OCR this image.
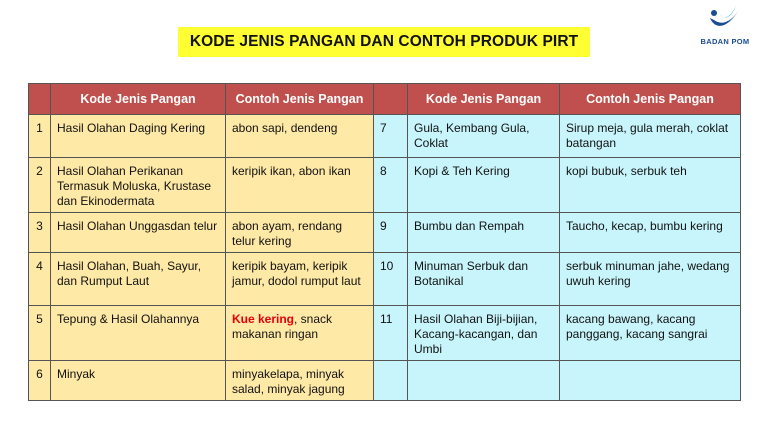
KODE JENIS PANGAN DAN CONTOH PRODUK PIRT	BADAN POM
	Kode Jenis Pangan	Contoh Jenis Pangan		Kode Jenis Pangan	Contoh Jenis Pangan
1	Hasil Olahan Daging Kering	abon sapi, dendeng	7	Gula, Kembang Gula, Coklat	Sirup meja, gula merah, coklat batangan
2	Hasil Olahan Perikanan Termasuk Moluska, Krustase dan Ekinodermata	keripik ikan, abon ikan	8	Kopi & Teh Kering	kopi bubuk, serbuk teh
3	Hasil Olahan Unggasdan telur	abon ayam, rendang telur kering	9	Bumbu dan Rempah	Taucho, kecap, bumbu kering
4	Hasil Olahan, Buah, Sayur, dan Rumput Laut	keripik bayam, keripik jamur, dodol rumput laut	10	Minuman Serbuk dan Botanikal	serbuk minuman jahe, wedang uwuh kering
5	Tepung & Hasil Olahannya	Kue kering, snack makanan ringan	11	Hasil Olahan Biji-bijian, Kacang-kacangan, dan Umbi	kacang bawang, kacang panggang, kacang sangrai
6	Minyak	minyakelapa, minyak salad, minyak jagung			
